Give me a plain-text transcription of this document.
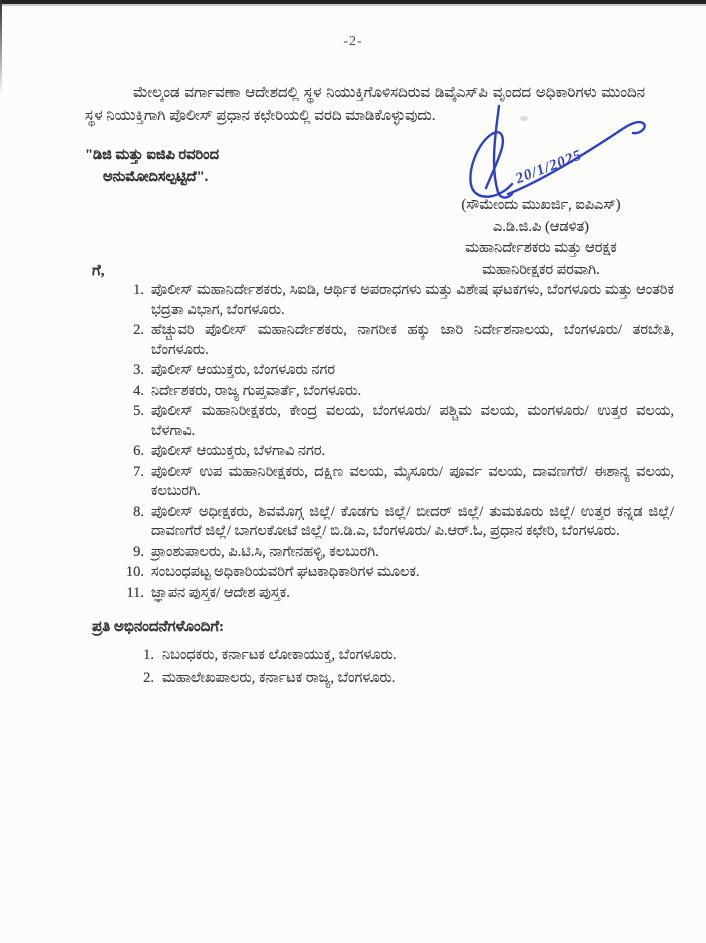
-2-

ಮೇಲ್ಕಂಡ ವರ್ಗಾವಣಾ ಆದೇಶದಲ್ಲಿ ಸ್ಥಳ ನಿಯುಕ್ತಿಗೊಳಿಸದಿರುವ ಡಿವೈಎಸ್‌ಪಿ ವೃಂದದ ಅಧಿಕಾರಿಗಳು ಮುಂದಿನ ಸ್ಥಳ ನಿಯುಕ್ತಿಗಾಗಿ ಪೊಲೀಸ್ ಪ್ರಧಾನ ಕಛೇರಿಯಲ್ಲಿ ವರದಿ ಮಾಡಿಕೊಳ್ಳುವುದು.

"ಡಿಜಿ ಮತ್ತು ಐಜಿಪಿ ರವರಿಂದ
ಅನುಮೋದಿಸಲ್ಪಟ್ಟಿದೆ".	20/1/2025
(ಸೌಮೇಂದು ಮುಖರ್ಜಿ, ಐಪಿಎಸ್)
ಎ.ಡಿ.ಜಿ.ಪಿ (ಆಡಳಿತ)
ಮಹಾನಿರ್ದೇಶಕರು ಮತ್ತು ಆರಕ್ಷಕ
ಮಹಾನಿರೀಕ್ಷಕರ ಪರವಾಗಿ.
ಗೆ,
1. ಪೊಲೀಸ್ ಮಹಾನಿರ್ದೇಶಕರು, ಸಿಐಡಿ, ಆರ್ಥಿಕ ಅಪರಾಧಗಳು ಮತ್ತು ವಿಶೇಷ ಘಟಕಗಳು, ಬೆಂಗಳೂರು ಮತ್ತು ಆಂತರಿಕ ಭದ್ರತಾ ವಿಭಾಗ, ಬೆಂಗಳೂರು.
2. ಹೆಚ್ಚುವರಿ ಪೊಲೀಸ್ ಮಹಾನಿರ್ದೇಶಕರು, ನಾಗರೀಕ ಹಕ್ಕು ಜಾರಿ ನಿರ್ದೇಶನಾಲಯ, ಬೆಂಗಳೂರು/ ತರಬೇತಿ, ಬೆಂಗಳೂರು.
3. ಪೊಲೀಸ್ ಆಯುಕ್ತರು, ಬೆಂಗಳೂರು ನಗರ
4. ನಿರ್ದೇಶಕರು, ರಾಜ್ಯ ಗುಪ್ತವಾರ್ತೆ, ಬೆಂಗಳೂರು.
5. ಪೊಲೀಸ್ ಮಹಾನಿರೀಕ್ಷಕರು, ಕೇಂದ್ರ ವಲಯ, ಬೆಂಗಳೂರು/ ಪಶ್ಚಿಮ ವಲಯ, ಮಂಗಳೂರು/ ಉತ್ತರ ವಲಯ, ಬೆಳಗಾವಿ.
6. ಪೊಲೀಸ್ ಆಯುಕ್ತರು, ಬೆಳಗಾವಿ ನಗರ.
7. ಪೊಲೀಸ್ ಉಪ ಮಹಾನಿರೀಕ್ಷಕರು, ದಕ್ಷಿಣ ವಲಯ, ಮೈಸೂರು/ ಪೂರ್ವ ವಲಯ, ದಾವಣಗೆರೆ/ ಈಶಾನ್ಯ ವಲಯ, ಕಲಬುರಗಿ.
8. ಪೊಲೀಸ್ ಅಧೀಕ್ಷಕರು, ಶಿವಮೊಗ್ಗ ಜಿಲ್ಲೆ/ ಕೊಡಗು ಜಿಲ್ಲೆ/ ಬೀದರ್ ಜಿಲ್ಲೆ/ ತುಮಕೂರು ಜಿಲ್ಲೆ/ ಉತ್ತರ ಕನ್ನಡ ಜಿಲ್ಲೆ/ ದಾವಣಗೆರೆ ಜಿಲ್ಲೆ/ ಬಾಗಲಕೋಟೆ ಜಿಲ್ಲೆ/ ಬಿ.ಡಿ.ಎ, ಬೆಂಗಳೂರು/ ಪಿ.ಆರ್.ಓ, ಪ್ರಧಾನ ಕಛೇರಿ, ಬೆಂಗಳೂರು.
9. ಪ್ರಾಂಶುಪಾಲರು, ಪಿ.ಟಿ.ಸಿ, ನಾಗೇನಹಳ್ಳಿ, ಕಲಬುರಗಿ.
10. ಸಂಬಂಧಪಟ್ಟ ಅಧಿಕಾರಿಯವರಿಗೆ ಘಟಕಾಧಿಕಾರಿಗಳ ಮೂಲಕ.
11. ಜ್ಞಾಪನ ಪುಸ್ತಕ/ ಆದೇಶ ಪುಸ್ತಕ.
ಪ್ರತಿ ಅಭಿನಂದನೆಗಳೊಂದಿಗೆ:
1. ನಿಬಂಧಕರು, ಕರ್ನಾಟಕ ಲೋಕಾಯುಕ್ತ, ಬೆಂಗಳೂರು.
2. ಮಹಾಲೇಖಪಾಲರು, ಕರ್ನಾಟಕ ರಾಜ್ಯ, ಬೆಂಗಳೂರು.
